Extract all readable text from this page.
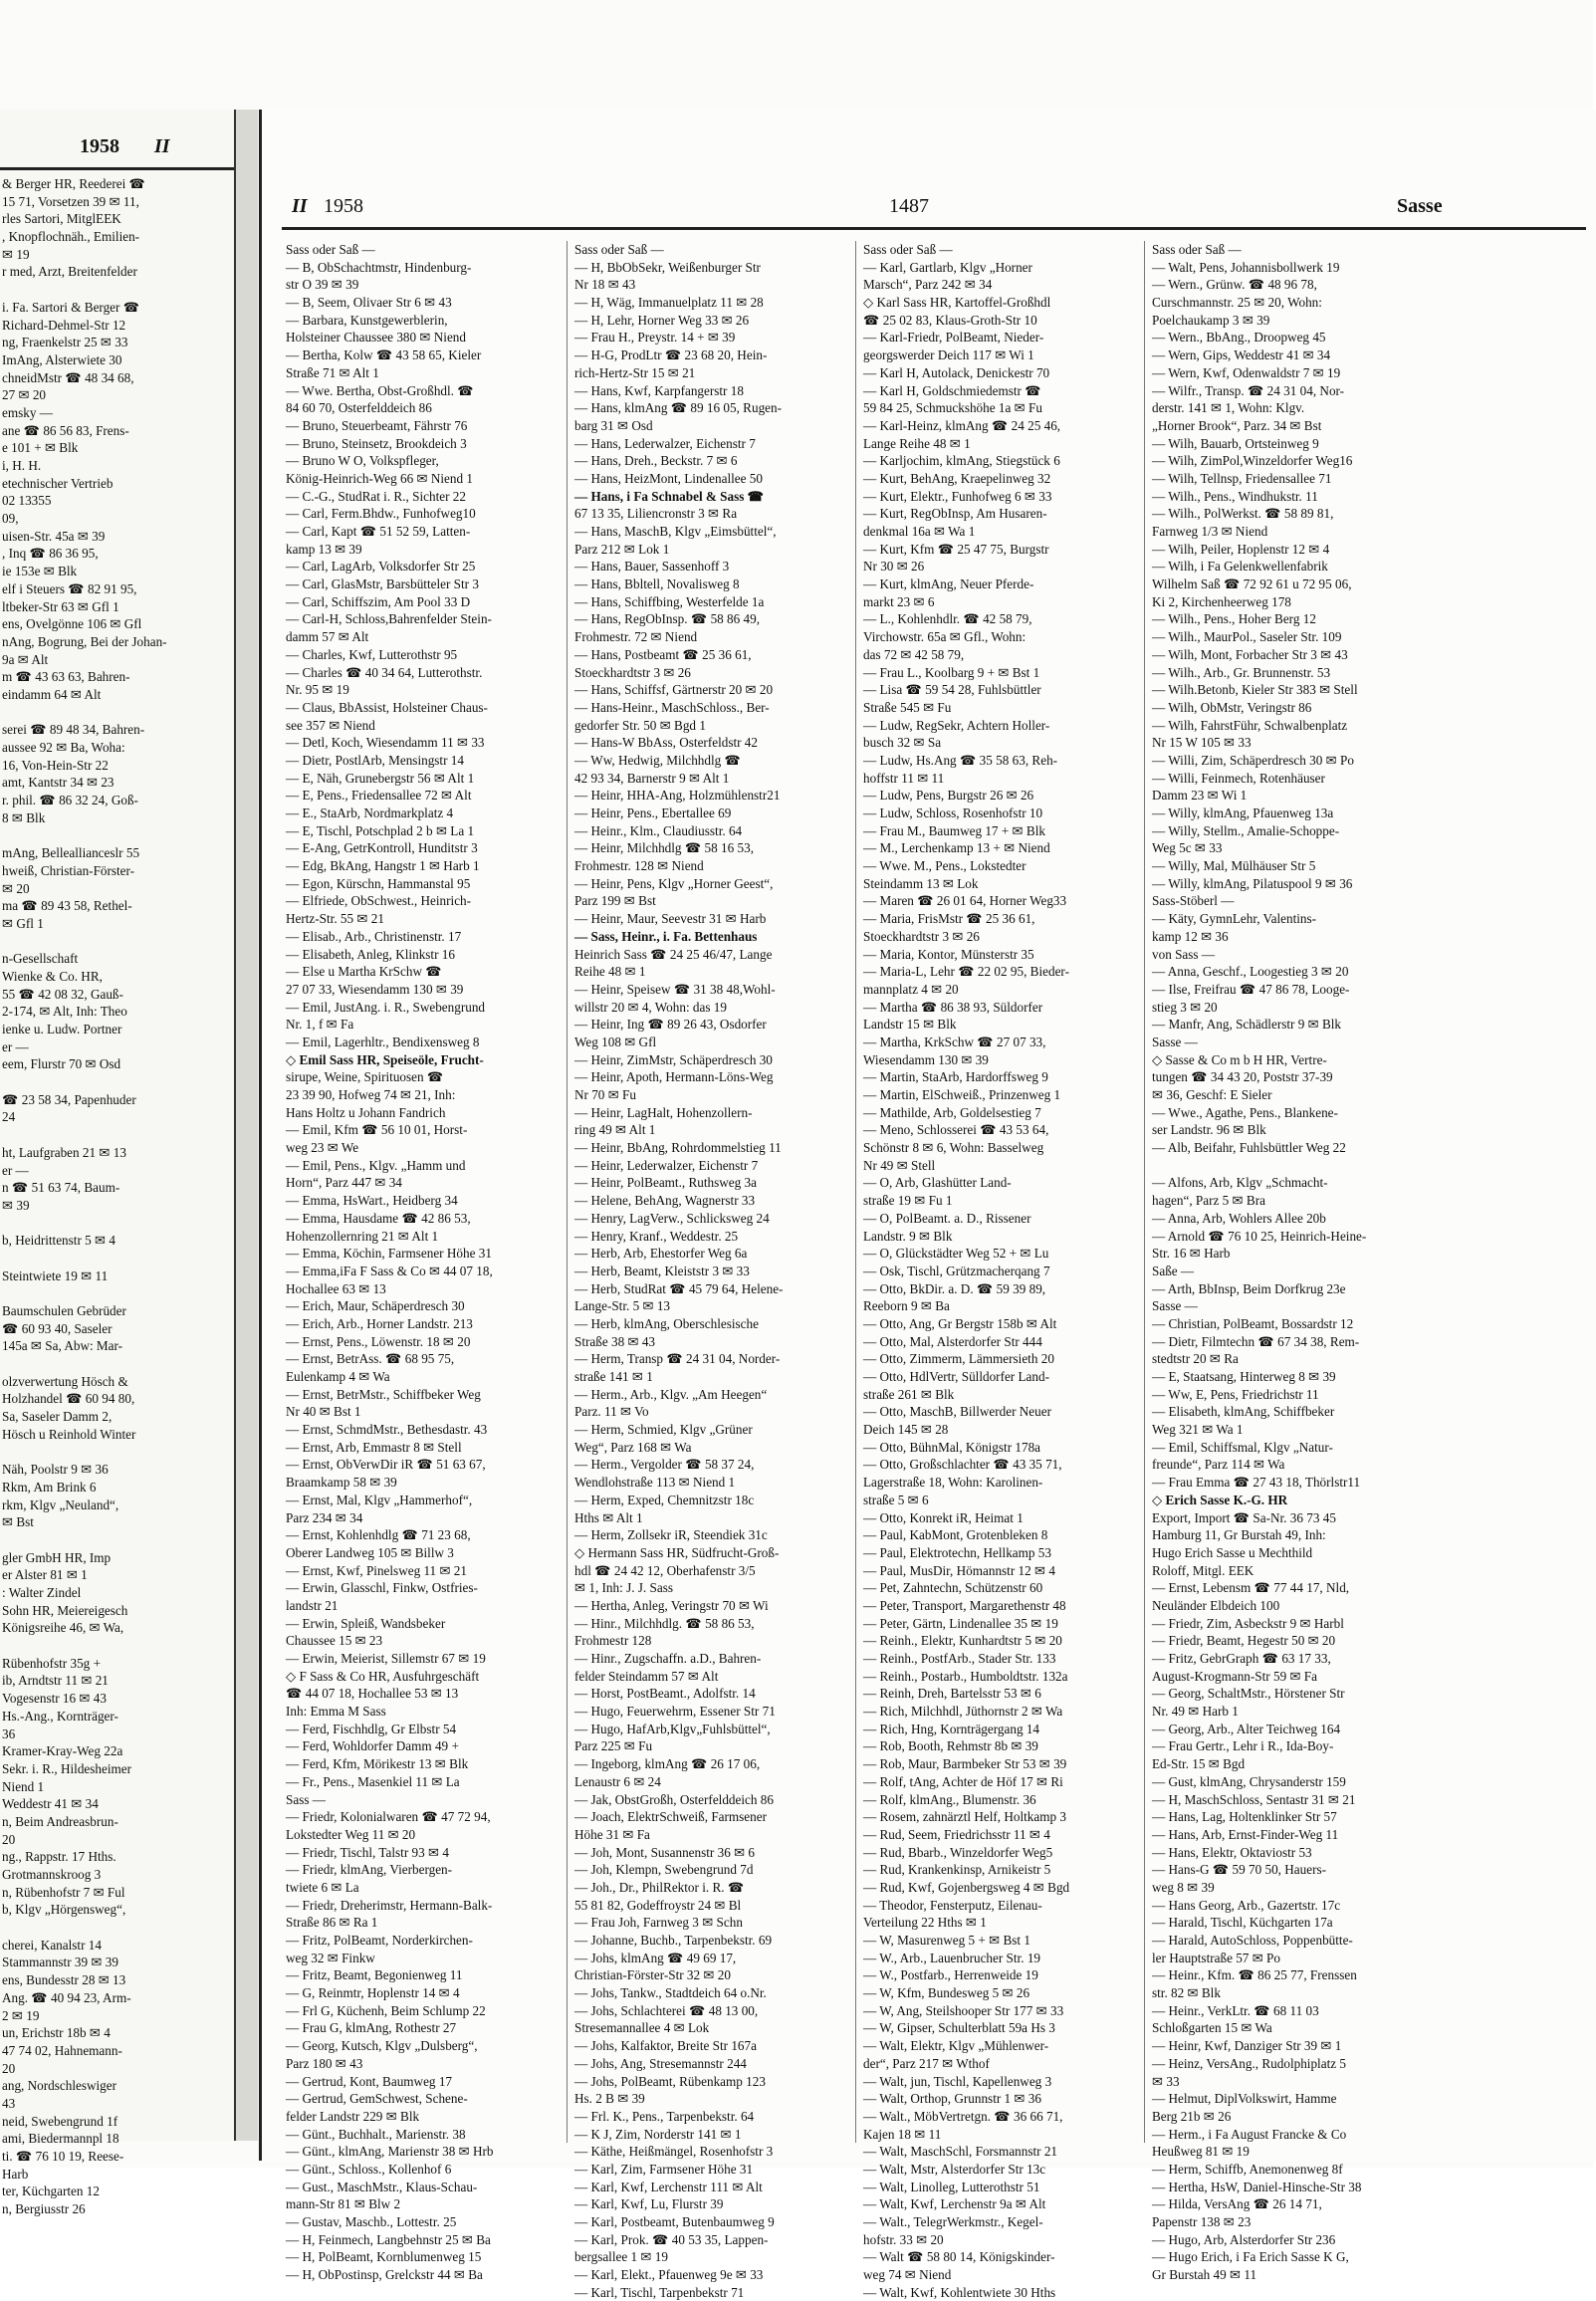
1958 II
& Berger HR, Reederei ☎
15 71, Vorsetzen 39 ✉ 11,
rles Sartori, MitglEEK
, Knopflochnäh., Emilien-
✉ 19
r med, Arzt, Breitenfelder
i. Fa. Sartori & Berger ☎
Richard-Dehmel-Str 12
ng, Fraenkelstr 25 ✉ 33
ImAng, Alsterwiete 30
chneidMstr ☎ 48 34 68,
27 ✉ 20
emsky —
ane ☎ 86 56 83, Frens-
e 101 + ✉ Blk
i, H. H.
etechnischer Vertrieb
02 13355
09,
uisen-Str. 45a ✉ 39
, Inq ☎ 86 36 95,
ie 153e ✉ Blk
elf i Steuers ☎ 82 91 95,
ltbeker-Str 63 ✉ Gfl 1
ens, Ovelgönne 106 ✉ Gfl
nAng, Bogrung, Bei der Johan-
9a ✉ Alt
m ☎ 43 63 63, Bahren-
eindamm 64 ✉ Alt
serei ☎ 89 48 34, Bahren-
aussee 92 ✉ Ba, Woha:
16, Von-Hein-Str 22
amt, Kantstr 34 ✉ 23
r. phil. ☎ 86 32 24, Goß-
8 ✉ Blk
mAng, Belleallianceslr 55
hweiß, Christian-Förster-
✉ 20
ma ☎ 89 43 58, Rethel-
✉ Gfl 1
n-Gesellschaft
Wienke & Co. HR,
55 ☎ 42 08 32, Gauß-
2-174, ✉ Alt, Inh: Theo
ienke u. Ludw. Portner
er —
eem, Flurstr 70 ✉ Osd
☎ 23 58 34, Papenhuder
24
ht, Laufgraben 21 ✉ 13
er —
n ☎ 51 63 74, Baum-
✉ 39
b, Heidrittenstr 5 ✉ 4
Steintwiete 19 ✉ 11
Baumschulen Gebrüder
☎ 60 93 40, Saseler
145a ✉ Sa, Abw: Mar-
olzverwertung Hösch &
Holzhandel ☎ 60 94 80,
Sa, Saseler Damm 2,
Hösch u Reinhold Winter
Näh, Poolstr 9 ✉ 36
Rkm, Am Brink 6
rkm, Klgv „Neuland“,
✉ Bst
gler GmbH HR, Imp
er Alster 81 ✉ 1
: Walter Zindel
Sohn HR, Meiereigesch
Königsreihe 46, ✉ Wa,
Rübenhofstr 35g +
ib, Arndtstr 11 ✉ 21
Vogesenstr 16 ✉ 43
Hs.-Ang., Kornträger-
36
Kramer-Kray-Weg 22a
Sekr. i. R., Hildesheimer
Niend 1
Weddestr 41 ✉ 34
n, Beim Andreasbrun-
20
ng., Rappstr. 17 Hths.
Grotmannskroog 3
n, Rübenhofstr 7 ✉ Ful
b, Klgv „Hörgensweg“,
cherei, Kanalstr 14
Stammannstr 39 ✉ 39
ens, Bundesstr 28 ✉ 13
Ang. ☎ 40 94 23, Arm-
2 ✉ 19
un, Erichstr 18b ✉ 4
47 74 02, Hahnemann-
20
ang, Nordschleswiger
43
neid, Swebengrund 1f
ami, Biedermannpl 18
ti. ☎ 76 10 19, Reese-
Harb
ter, Küchgarten 12
n, Bergiusstr 26
II 1958	1487	Sasse
Sass oder Saß —
— B, ObSchachtmstr, Hindenburg-
str O 39 ✉ 39
— B, Seem, Olivaer Str 6 ✉ 43
— Barbara, Kunstgewerblerin,
Holsteiner Chaussee 380 ✉ Niend
— Bertha, Kolw ☎ 43 58 65, Kieler
Straße 71 ✉ Alt 1
— Wwe. Bertha, Obst-Großhdl. ☎
84 60 70, Osterfelddeich 86
— Bruno, Steuerbeamt, Fährstr 76
— Bruno, Steinsetz, Brookdeich 3
— Bruno W O, Volkspfleger,
König-Heinrich-Weg 66 ✉ Niend 1
— C.-G., StudRat i. R., Sichter 22
— Carl, Ferm.Bhdw., Funhofweg10
— Carl, Kapt ☎ 51 52 59, Latten-
kamp 13 ✉ 39
— Carl, LagArb, Volksdorfer Str 25
— Carl, GlasMstr, Barsbütteler Str 3
— Carl, Schiffszim, Am Pool 33 D
— Carl-H, Schloss,Bahrenfelder Stein-
damm 57 ✉ Alt
— Charles, Kwf, Lutterothstr 95
— Charles ☎ 40 34 64, Lutterothstr.
Nr. 95 ✉ 19
— Claus, BbAssist, Holsteiner Chaus-
see 357 ✉ Niend
— Detl, Koch, Wiesendamm 11 ✉ 33
— Dietr, PostlArb, Mensingstr 14
— E, Näh, Grunebergstr 56 ✉ Alt 1
— E, Pens., Friedensallee 72 ✉ Alt
— E., StaArb, Nordmarkplatz 4
— E, Tischl, Potschplad 2 b ✉ La 1
— E-Ang, GetrKontroll, Hunditstr 3
— Edg, BkAng, Hangstr 1 ✉ Harb 1
— Egon, Kürschn, Hammanstal 95
— Elfriede, ObSchwest., Heinrich-
Hertz-Str. 55 ✉ 21
— Elisab., Arb., Christinenstr. 17
— Elisabeth, Anleg, Klinkstr 16
— Else u Martha KrSchw ☎
27 07 33, Wiesendamm 130 ✉ 39
— Emil, JustAng. i. R., Swebengrund
Nr. 1, f ✉ Fa
— Emil, Lagerhltr., Bendixensweg 8
◇ Emil Sass HR, Speiseöle, Frucht-
sirupe, Weine, Spirituosen ☎
23 39 90, Hofweg 74 ✉ 21, Inh:
Hans Holtz u Johann Fandrich
— Emil, Kfm ☎ 56 10 01, Horst-
weg 23 ✉ We
— Emil, Pens., Klgv. „Hamm und
Horn“, Parz 447 ✉ 34
— Emma, HsWart., Heidberg 34
— Emma, Hausdame ☎ 42 86 53,
Hohenzollernring 21 ✉ Alt 1
— Emma, Köchin, Farmsener Höhe 31
— Emma,iFa F Sass & Co ✉ 44 07 18,
Hochallee 63 ✉ 13
— Erich, Maur, Schäperdresch 30
— Erich, Arb., Horner Landstr. 213
— Ernst, Pens., Löwenstr. 18 ✉ 20
— Ernst, BetrAss. ☎ 68 95 75,
Eulenkamp 4 ✉ Wa
— Ernst, BetrMstr., Schiffbeker Weg
Nr 40 ✉ Bst 1
— Ernst, SchmdMstr., Bethesdastr. 43
— Ernst, Arb, Emmastr 8 ✉ Stell
— Ernst, ObVerwDir iR ☎ 51 63 67,
Braamkamp 58 ✉ 39
— Ernst, Mal, Klgv „Hammerhof“,
Parz 234 ✉ 34
— Ernst, Kohlenhdlg ☎ 71 23 68,
Oberer Landweg 105 ✉ Billw 3
— Ernst, Kwf, Pinelsweg 11 ✉ 21
— Erwin, Glasschl, Finkw, Ostfries-
landstr 21
— Erwin, Spleiß, Wandsbeker
Chaussee 15 ✉ 23
— Erwin, Meierist, Sillemstr 67 ✉ 19
◇ F Sass & Co HR, Ausfuhrgeschäft
☎ 44 07 18, Hochallee 53 ✉ 13
Inh: Emma M Sass
— Ferd, Fischhdlg, Gr Elbstr 54
— Ferd, Wohldorfer Damm 49 +
— Ferd, Kfm, Mörikestr 13 ✉ Blk
— Fr., Pens., Masenkiel 11 ✉ La
Sass —
— Friedr, Kolonialwaren ☎ 47 72 94,
Lokstedter Weg 11 ✉ 20
— Friedr, Tischl, Talstr 93 ✉ 4
— Friedr, klmAng, Vierbergen-
twiete 6 ✉ La
— Friedr, Dreherimstr, Hermann-Balk-
Straße 86 ✉ Ra 1
— Fritz, PolBeamt, Norderkirchen-
weg 32 ✉ Finkw
— Fritz, Beamt, Begonienweg 11
— G, Reinmtr, Hoplenstr 14 ✉ 4
— Frl G, Küchenh, Beim Schlump 22
— Frau G, klmAng, Rothestr 27
— Georg, Kutsch, Klgv „Dulsberg“,
Parz 180 ✉ 43
— Gertrud, Kont, Baumweg 17
— Gertrud, GemSchwest, Schene-
felder Landstr 229 ✉ Blk
— Günt., Buchhalt., Marienstr. 38
— Günt., klmAng, Marienstr 38 ✉ Hrb
— Günt., Schloss., Kollenhof 6
— Gust., MaschMstr., Klaus-Schau-
mann-Str 81 ✉ Blw 2
— Gustav, Maschb., Lottestr. 25
— H, Feinmech, Langbehnstr 25 ✉ Ba
— H, PolBeamt, Kornblumenweg 15
— H, ObPostinsp, Grelckstr 44 ✉ Ba
Sass oder Saß —
— H, BbObSekr, Weißenburger Str
Nr 18 ✉ 43
— H, Wäg, Immanuelplatz 11 ✉ 28
— H, Lehr, Horner Weg 33 ✉ 26
— Frau H., Preystr. 14 + ✉ 39
— H-G, ProdLtr ☎ 23 68 20, Hein-
rich-Hertz-Str 15 ✉ 21
— Hans, Kwf, Karpfangerstr 18
— Hans, klmAng ☎ 89 16 05, Rugen-
barg 31 ✉ Osd
— Hans, Lederwalzer, Eichenstr 7
— Hans, Dreh., Beckstr. 7 ✉ 6
— Hans, HeizMont, Lindenallee 50
— Hans, i Fa Schnabel & Sass ☎
67 13 35, Liliencronstr 3 ✉ Ra
— Hans, MaschB, Klgv „Eimsbüttel“,
Parz 212 ✉ Lok 1
— Hans, Bauer, Sassenhoff 3
— Hans, Bbltell, Novalisweg 8
— Hans, Schiffbing, Westerfelde 1a
— Hans, RegObInsp. ☎ 58 86 49,
Frohmestr. 72 ✉ Niend
— Hans, Postbeamt ☎ 25 36 61,
Stoeckhardtstr 3 ✉ 26
— Hans, Schiffsf, Gärtnerstr 20 ✉ 20
— Hans-Heinr., MaschSchloss., Ber-
gedorfer Str. 50 ✉ Bgd 1
— Hans-W BbAss, Osterfeldstr 42
— Ww, Hedwig, Milchhdlg ☎
42 93 34, Barnerstr 9 ✉ Alt 1
— Heinr, HHA-Ang, Holzmühlenstr21
— Heinr, Pens., Ebertallee 69
— Heinr., Klm., Claudiusstr. 64
— Heinr, Milchhdlg ☎ 58 16 53,
Frohmestr. 128 ✉ Niend
— Heinr, Pens, Klgv „Horner Geest“,
Parz 199 ✉ Bst
— Heinr, Maur, Seevestr 31 ✉ Harb
— Sass, Heinr., i. Fa. Bettenhaus
Heinrich Sass ☎ 24 25 46/47, Lange
Reihe 48 ✉ 1
— Heinr, Speisew ☎ 31 38 48,Wohl-
willstr 20 ✉ 4, Wohn: das 19
— Heinr, Ing ☎ 89 26 43, Osdorfer
Weg 108 ✉ Gfl
— Heinr, ZimMstr, Schäperdresch 30
— Heinr, Apoth, Hermann-Löns-Weg
Nr 70 ✉ Fu
— Heinr, LagHalt, Hohenzollern-
ring 49 ✉ Alt 1
— Heinr, BbAng, Rohrdommelstieg 11
— Heinr, Lederwalzer, Eichenstr 7
— Heinr, PolBeamt., Ruthsweg 3a
— Helene, BehAng, Wagnerstr 33
— Henry, LagVerw., Schlicksweg 24
— Henry, Kranf., Weddestr. 25
— Herb, Arb, Ehestorfer Weg 6a
— Herb, Beamt, Kleiststr 3 ✉ 33
— Herb, StudRat ☎ 45 79 64, Helene-
Lange-Str. 5 ✉ 13
— Herb, klmAng, Oberschlesische
Straße 38 ✉ 43
— Herm, Transp ☎ 24 31 04, Norder-
straße 141 ✉ 1
— Herm., Arb., Klgv. „Am Heegen“
Parz. 11 ✉ Vo
— Herm, Schmied, Klgv „Grüner
Weg“, Parz 168 ✉ Wa
— Herm., Vergolder ☎ 58 37 24,
Wendlohstraße 113 ✉ Niend 1
— Herm, Exped, Chemnitzstr 18c
Hths ✉ Alt 1
— Herm, Zollsekr iR, Steendiek 31c
◇ Hermann Sass HR, Südfrucht-Groß-
hdl ☎ 24 42 12, Oberhafenstr 3/5
✉ 1, Inh: J. J. Sass
— Hertha, Anleg, Veringstr 70 ✉ Wi
— Hinr., Milchhdlg. ☎ 58 86 53,
Frohmestr 128
— Hinr., Zugschaffn. a.D., Bahren-
felder Steindamm 57 ✉ Alt
— Horst, PostBeamt., Adolfstr. 14
— Hugo, Feuerwehrm, Essener Str 71
— Hugo, HafArb,Klgv„Fuhlsbüttel“,
Parz 225 ✉ Fu
— Ingeborg, klmAng ☎ 26 17 06,
Lenaustr 6 ✉ 24
— Jak, ObstGroßh, Osterfelddeich 86
— Joach, ElektrSchweiß, Farmsener
Höhe 31 ✉ Fa
— Joh, Mont, Susannenstr 36 ✉ 6
— Joh, Klempn, Swebengrund 7d
— Joh., Dr., PhilRektor i. R. ☎
55 81 82, Godeffroystr 24 ✉ Bl
— Frau Joh, Farnweg 3 ✉ Schn
— Johanne, Buchb., Tarpenbekstr. 69
— Johs, klmAng ☎ 49 69 17,
Christian-Förster-Str 32 ✉ 20
— Johs, Tankw., Stadtdeich 64 o.Nr.
— Johs, Schlachterei ☎ 48 13 00,
Stresemannallee 4 ✉ Lok
— Johs, Kalfaktor, Breite Str 167a
— Johs, Ang, Stresemannstr 244
— Johs, PolBeamt, Rübenkamp 123
Hs. 2 B ✉ 39
— Frl. K., Pens., Tarpenbekstr. 64
— K J, Zim, Norderstr 141 ✉ 1
— Käthe, Heißmängel, Rosenhofstr 3
— Karl, Zim, Farmsener Höhe 31
— Karl, Kwf, Lerchenstr 111 ✉ Alt
— Karl, Kwf, Lu, Flurstr 39
— Karl, Postbeamt, Butenbaumweg 9
— Karl, Prok. ☎ 40 53 35, Lappen-
bergsallee 1 ✉ 19
— Karl, Elekt., Pfauenweg 9e ✉ 33
— Karl, Tischl, Tarpenbekstr 71
Sass oder Saß —
— Karl, Gartlarb, Klgv „Horner
Marsch“, Parz 242 ✉ 34
◇ Karl Sass HR, Kartoffel-Großhdl
☎ 25 02 83, Klaus-Groth-Str 10
— Karl-Friedr, PolBeamt, Nieder-
georgswerder Deich 117 ✉ Wi 1
— Karl H, Autolack, Denickestr 70
— Karl H, Goldschmiedemstr ☎
59 84 25, Schmuckshöhe 1a ✉ Fu
— Karl-Heinz, klmAng ☎ 24 25 46,
Lange Reihe 48 ✉ 1
— Karljochim, klmAng, Stiegstück 6
— Kurt, BehAng, Kraepelinweg 32
— Kurt, Elektr., Funhofweg 6 ✉ 33
— Kurt, RegObInsp, Am Husaren-
denkmal 16a ✉ Wa 1
— Kurt, Kfm ☎ 25 47 75, Burgstr
Nr 30 ✉ 26
— Kurt, klmAng, Neuer Pferde-
markt 23 ✉ 6
— L., Kohlenhdlr. ☎ 42 58 79,
Virchowstr. 65a ✉ Gfl., Wohn:
das 72 ✉ 42 58 79,
— Frau L., Koolbarg 9 + ✉ Bst 1
— Lisa ☎ 59 54 28, Fuhlsbüttler
Straße 545 ✉ Fu
— Ludw, RegSekr, Achtern Holler-
busch 32 ✉ Sa
— Ludw, Hs.Ang ☎ 35 58 63, Reh-
hoffstr 11 ✉ 11
— Ludw, Pens, Burgstr 26 ✉ 26
— Ludw, Schloss, Rosenhofstr 10
— Frau M., Baumweg 17 + ✉ Blk
— M., Lerchenkamp 13 + ✉ Niend
— Wwe. M., Pens., Lokstedter
Steindamm 13 ✉ Lok
— Maren ☎ 26 01 64, Horner Weg33
— Maria, FrisMstr ☎ 25 36 61,
Stoeckhardtstr 3 ✉ 26
— Maria, Kontor, Münsterstr 35
— Maria-L, Lehr ☎ 22 02 95, Bieder-
mannplatz 4 ✉ 20
— Martha ☎ 86 38 93, Süldorfer
Landstr 15 ✉ Blk
— Martha, KrkSchw ☎ 27 07 33,
Wiesendamm 130 ✉ 39
— Martin, StaArb, Hardorffsweg 9
— Martin, ElSchweiß., Prinzenweg 1
— Mathilde, Arb, Goldelsestieg 7
— Meno, Schlosserei ☎ 43 53 64,
Schönstr 8 ✉ 6, Wohn: Basselweg
Nr 49 ✉ Stell
— O, Arb, Glashütter Land-
straße 19 ✉ Fu 1
— O, PolBeamt. a. D., Rissener
Landstr. 9 ✉ Blk
— O, Glückstädter Weg 52 + ✉ Lu
— Osk, Tischl, Grützmacherqang 7
— Otto, BkDir. a. D. ☎ 59 39 89,
Reeborn 9 ✉ Ba
— Otto, Ang, Gr Bergstr 158b ✉ Alt
— Otto, Mal, Alsterdorfer Str 444
— Otto, Zimmerm, Lämmersieth 20
— Otto, HdlVertr, Sülldorfer Land-
straße 261 ✉ Blk
— Otto, MaschB, Billwerder Neuer
Deich 145 ✉ 28
— Otto, BühnMal, Königstr 178a
— Otto, Großschlachter ☎ 43 35 71,
Lagerstraße 18, Wohn: Karolinen-
straße 5 ✉ 6
— Otto, Konrekt iR, Heimat 1
— Paul, KabMont, Grotenbleken 8
— Paul, Elektrotechn, Hellkamp 53
— Paul, MusDir, Hömannstr 12 ✉ 4
— Pet, Zahntechn, Schützenstr 60
— Peter, Transport, Margarethenstr 48
— Peter, Gärtn, Lindenallee 35 ✉ 19
— Reinh., Elektr, Kunhardtstr 5 ✉ 20
— Reinh., PostfArb., Stader Str. 133
— Reinh., Postarb., Humboldtstr. 132a
— Reinh, Dreh, Bartelsstr 53 ✉ 6
— Rich, Milchhdl, Jüthornstr 2 ✉ Wa
— Rich, Hng, Kornträgergang 14
— Rob, Booth, Rehmstr 8b ✉ 39
— Rob, Maur, Barmbeker Str 53 ✉ 39
— Rolf, tAng, Achter de Höf 17 ✉ Ri
— Rolf, klmAng., Blumenstr. 36
— Rosem, zahnärztl Helf, Holtkamp 3
— Rud, Seem, Friedrichsstr 11 ✉ 4
— Rud, Bbarb., Winzeldorfer Weg5
— Rud, Krankenkinsp, Arnikeistr 5
— Rud, Kwf, Gojenbergsweg 4 ✉ Bgd
— Theodor, Fensterputz, Eilenau-
Verteilung 22 Hths ✉ 1
— W, Masurenweg 5 + ✉ Bst 1
— W., Arb., Lauenbrucher Str. 19
— W., Postfarb., Herrenweide 19
— W, Kfm, Bundesweg 5 ✉ 26
— W, Ang, Steilshooper Str 177 ✉ 33
— W, Gipser, Schulterblatt 59a Hs 3
— Walt, Elektr, Klgv „Mühlenwer-
der“, Parz 217 ✉ Wthof
— Walt, jun, Tischl, Kapellenweg 3
— Walt, Orthop, Grunnstr 1 ✉ 36
— Walt., MöbVertretgn. ☎ 36 66 71,
Kajen 18 ✉ 11
— Walt, MaschSchl, Forsmannstr 21
— Walt, Mstr, Alsterdorfer Str 13c
— Walt, Linolleg, Lutterothstr 51
— Walt, Kwf, Lerchenstr 9a ✉ Alt
— Walt., TelegrWerkmstr., Kegel-
hofstr. 33 ✉ 20
— Walt ☎ 58 80 14, Königskinder-
weg 74 ✉ Niend
— Walt, Kwf, Kohlentwiete 30 Hths
Sass oder Saß —
— Walt, Pens, Johannisbollwerk 19
— Wern., Grünw. ☎ 48 96 78,
Curschmannstr. 25 ✉ 20, Wohn:
Poelchaukamp 3 ✉ 39
— Wern., BbAng., Droopweg 45
— Wern, Gips, Weddestr 41 ✉ 34
— Wern, Kwf, Odenwaldstr 7 ✉ 19
— Wilfr., Transp. ☎ 24 31 04, Nor-
derstr. 141 ✉ 1, Wohn: Klgv.
„Horner Brook“, Parz. 34 ✉ Bst
— Wilh, Bauarb, Ortsteinweg 9
— Wilh, ZimPol,Winzeldorfer Weg16
— Wilh, Tellnsp, Friedensallee 71
— Wilh., Pens., Windhukstr. 11
— Wilh., PolWerkst. ☎ 58 89 81,
Farnweg 1/3 ✉ Niend
— Wilh, Peiler, Hoplenstr 12 ✉ 4
— Wilh, i Fa Gelenkwellenfabrik
Wilhelm Saß ☎ 72 92 61 u 72 95 06,
Ki 2, Kirchenheerweg 178
— Wilh., Pens., Hoher Berg 12
— Wilh., MaurPol., Saseler Str. 109
— Wilh, Mont, Forbacher Str 3 ✉ 43
— Wilh., Arb., Gr. Brunnenstr. 53
— Wilh.Betonb, Kieler Str 383 ✉ Stell
— Wilh, ObMstr, Veringstr 86
— Wilh, FahrstFühr, Schwalbenplatz
Nr 15 W 105 ✉ 33
— Willi, Zim, Schäperdresch 30 ✉ Po
— Willi, Feinmech, Rotenhäuser
Damm 23 ✉ Wi 1
— Willy, klmAng, Pfauenweg 13a
— Willy, Stellm., Amalie-Schoppe-
Weg 5c ✉ 33
— Willy, Mal, Mülhäuser Str 5
— Willy, klmAng, Pilatuspool 9 ✉ 36
Sass-Stöberl —
— Käty, GymnLehr, Valentins-
kamp 12 ✉ 36
von Sass —
— Anna, Geschf., Loogestieg 3 ✉ 20
— Ilse, Freifrau ☎ 47 86 78, Looge-
stieg 3 ✉ 20
— Manfr, Ang, Schädlerstr 9 ✉ Blk
Sasse —
◇ Sasse & Co m b H HR, Vertre-
tungen ☎ 34 43 20, Poststr 37-39
✉ 36, Geschf: E Sieler
— Wwe., Agathe, Pens., Blankene-
ser Landstr. 96 ✉ Blk
— Alb, Beifahr, Fuhlsbüttler Weg 22
— Alfons, Arb, Klgv „Schmacht-
hagen“, Parz 5 ✉ Bra
— Anna, Arb, Wohlers Allee 20b
— Arnold ☎ 76 10 25, Heinrich-Heine-
Str. 16 ✉ Harb
Saße —
— Arth, BbInsp, Beim Dorfkrug 23e
Sasse —
— Christian, PolBeamt, Bossardstr 12
— Dietr, Filmtechn ☎ 67 34 38, Rem-
stedtstr 20 ✉ Ra
— E, Staatsang, Hinterweg 8 ✉ 39
— Ww, E, Pens, Friedrichstr 11
— Elisabeth, klmAng, Schiffbeker
Weg 321 ✉ Wa 1
— Emil, Schiffsmal, Klgv „Natur-
freunde“, Parz 114 ✉ Wa
— Frau Emma ☎ 27 43 18, Thörlstr11
◇ Erich Sasse K.-G. HR
Export, Import ☎ Sa-Nr. 36 73 45
Hamburg 11, Gr Burstah 49, Inh:
Hugo Erich Sasse u Mechthild
Roloff, Mitgl. EEK
— Ernst, Lebensm ☎ 77 44 17, Nld,
Neuländer Elbdeich 100
— Friedr, Zim, Asbeckstr 9 ✉ Harbl
— Friedr, Beamt, Hegestr 50 ✉ 20
— Fritz, GebrGraph ☎ 63 17 33,
August-Krogmann-Str 59 ✉ Fa
— Georg, SchaltMstr., Hörstener Str
Nr. 49 ✉ Harb 1
— Georg, Arb., Alter Teichweg 164
— Frau Gertr., Lehr i R., Ida-Boy-
Ed-Str. 15 ✉ Bgd
— Gust, klmAng, Chrysanderstr 159
— H, MaschSchloss, Sentastr 31 ✉ 21
— Hans, Lag, Holtenklinker Str 57
— Hans, Arb, Ernst-Finder-Weg 11
— Hans, Elektr, Oktaviostr 53
— Hans-G ☎ 59 70 50, Hauers-
weg 8 ✉ 39
— Hans Georg, Arb., Gazertstr. 17c
— Harald, Tischl, Küchgarten 17a
— Harald, AutoSchloss, Poppenbütte-
ler Hauptstraße 57 ✉ Po
— Heinr., Kfm. ☎ 86 25 77, Frenssen
str. 82 ✉ Blk
— Heinr., VerkLtr. ☎ 68 11 03
Schloßgarten 15 ✉ Wa
— Heinr, Kwf, Danziger Str 39 ✉ 1
— Heinz, VersAng., Rudolphiplatz 5
✉ 33
— Helmut, DiplVolkswirt, Hamme
Berg 21b ✉ 26
— Herm., i Fa August Francke & Co
Heußweg 81 ✉ 19
— Herm, Schiffb, Anemonenweg 8f
— Hertha, HsW, Daniel-Hinsche-Str 38
— Hilda, VersAng ☎ 26 14 71,
Papenstr 138 ✉ 23
— Hugo, Arb, Alsterdorfer Str 236
— Hugo Erich, i Fa Erich Sasse K G,
Gr Burstah 49 ✉ 11
